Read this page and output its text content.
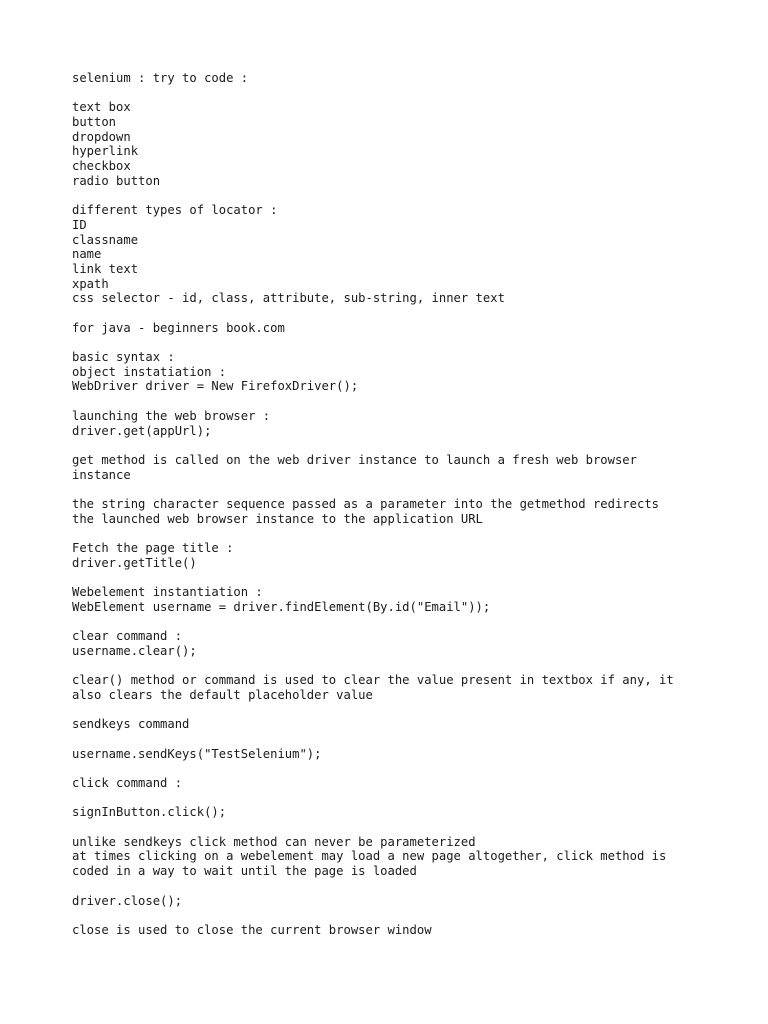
selenium : try to code :
text box
button
dropdown
hyperlink
checkbox
radio button
different types of locator :
ID
classname
name
link text
xpath
css selector - id, class, attribute, sub-string, inner text
for java - beginners book.com
basic syntax :
object instatiation :
WebDriver driver = New FirefoxDriver();
launching the web browser :
driver.get(appUrl);
get method is called on the web driver instance to launch a fresh web browser
instance
the string character sequence passed as a parameter into the getmethod redirects
the launched web browser instance to the application URL
Fetch the page title :
driver.getTitle()
Webelement instantiation :
WebElement username = driver.findElement(By.id("Email"));
clear command :
username.clear();
clear() method or command is used to clear the value present in textbox if any, it
also clears the default placeholder value
sendkeys command
username.sendKeys("TestSelenium");
click command :
signInButton.click();
unlike sendkeys click method can never be parameterized
at times clicking on a webelement may load a new page altogether, click method is
coded in a way to wait until the page is loaded
driver.close();
close is used to close the current browser window
